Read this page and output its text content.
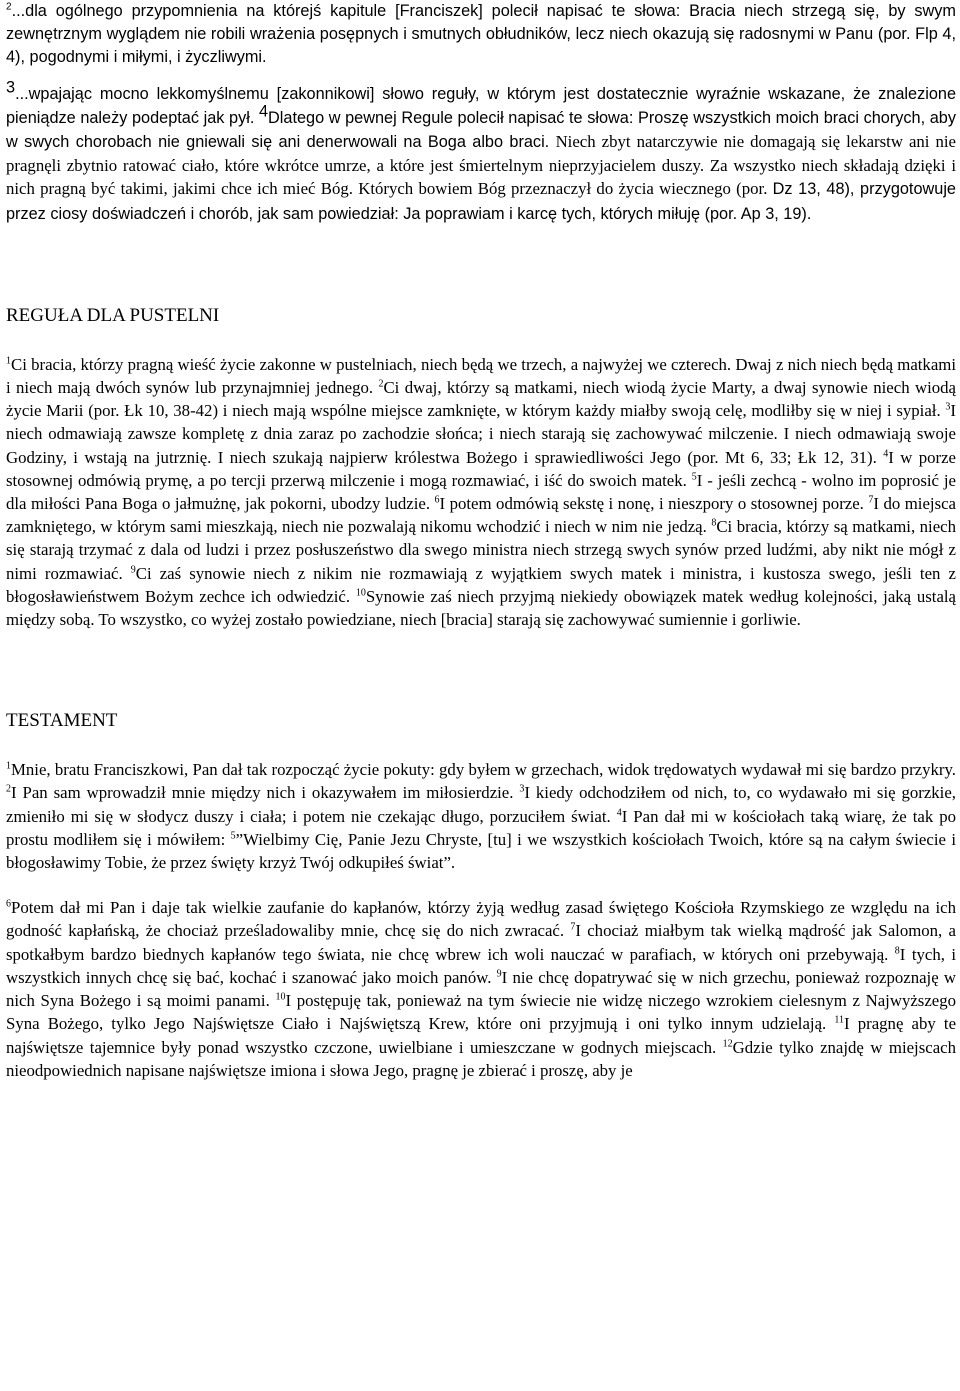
$^2$...dla ogólnego przypomnienia na którejś kapitule [Franciszek] polecił napisać te słowa: Bracia niech strzegą się, by swym zewnętrznym wyglądem nie robili wrażenia posępnych i smutnych obłudników, lecz niech okazują się radosnymi w Panu (por. Flp 4, 4), pogodnymi i miłymi, i życzliwymi.

$^3$...wpajając mocno lekkomyślnemu [zakonnikowi] słowo reguły, w którym jest dostatecznie wyraźnie wskazane, że znalezione pieniądze należy podeptać jak pył. $^4$Dlatego w pewnej Regule polecił napisać te słowa: Proszę wszystkich moich braci chorych, aby w swych chorobach nie gniewali się ani denerwowali na Boga albo braci. Niech zbyt natarczywie nie domagają się lekarstw ani nie pragnęli zbytnio ratować ciało, które wkrótce umrze, a które jest śmiertelnym nieprzyjacielem duszy. Za wszystko niech składają dzięki i nich pragną być takimi, jakimi chce ich mieć Bóg. Których bowiem Bóg przeznaczył do życia wiecznego (por. Dz 13, 48), przygotowuje przez ciosy doświadczeń i chorób, jak sam powiedział: Ja poprawiam i karcę tych, których miłuję (por. Ap 3, 19).

REGUŁA DLA PUSTELNI

$^1$Ci bracia, którzy pragną wieść życie zakonne w pustelniach, niech będą we trzech, a najwyżej we czterech. Dwaj z nich niech będą matkami i niech mają dwóch synów lub przynajmniej jednego. $^2$Ci dwaj, którzy są matkami, niech wiodą życie Marty, a dwaj synowie niech wiodą życie Marii (por. Łk 10, 38-42) i niech mają wspólne miejsce zamknięte, w którym każdy miałby swoją celę, modliłby się w niej i sypiał. $^3$I niech odmawiają zawsze kompletę z dnia zaraz po zachodzie słońca; i niech starają się zachowywać milczenie. I niech odmawiają swoje Godziny, i wstają na jutrznię. I niech szukają najpierw królestwa Bożego i sprawiedliwości Jego (por. Mt 6, 33; Łk 12, 31). $^4$I w porze stosownej odmówią prymę, a po tercji przerwą milczenie i mogą rozmawiać, i iść do swoich matek. $^5$I - jeśli zechcą - wolno im poprosić je dla miłości Pana Boga o jałmużnę, jak pokorni, ubodzy ludzie. $^6$I potem odmówią sekstę i nonę, i nieszpory o stosownej porze. $^7$I do miejsca zamkniętego, w którym sami mieszkają, niech nie pozwalają nikomu wchodzić i niech w nim nie jedzą. $^8$Ci bracia, którzy są matkami, niech się starają trzymać z dala od ludzi i przez posłuszeństwo dla swego ministra niech strzegą swych synów przed ludźmi, aby nikt nie mógł z nimi rozmawiać. $^9$Ci zaś synowie niech z nikim nie rozmawiają z wyjątkiem swych matek i ministra, i kustosza swego, jeśli ten z błogosławieństwem Bożym zechce ich odwiedzić. $^{10}$Synowie zaś niech przyjmą niekiedy obowiązek matek według kolejności, jaką ustalą między sobą. To wszystko, co wyżej zostało powiedziane, niech [bracia] starają się zachowywać sumiennie i gorliwie.

TESTAMENT

$^1$Mnie, bratu Franciszkowi, Pan dał tak rozpocząć życie pokuty: gdy byłem w grzechach, widok trędowatych wydawał mi się bardzo przykry. $^2$I Pan sam wprowadził mnie między nich i okazywałem im miłosierdzie. $^3$I kiedy odchodziłem od nich, to, co wydawało mi się gorzkie, zmieniło mi się w słodycz duszy i ciała; i potem nie czekając długo, porzuciłem świat. $^4$I Pan dał mi w kościołach taką wiarę, że tak po prostu modliłem się i mówiłem: $^5$”Wielbimy Cię, Panie Jezu Chryste, [tu] i we wszystkich kościołach Twoich, które są na całym świecie i błogosławimy Tobie, że przez święty krzyż Twój odkupiłeś świat”.

$^6$Potem dał mi Pan i daje tak wielkie zaufanie do kapłanów, którzy żyją według zasad świętego Kościoła Rzymskiego ze względu na ich godność kapłańską, że chociaż prześladowaliby mnie, chcę się do nich zwracać. $^7$I chociaż miałbym tak wielką mądrość jak Salomon, a spotkałbym bardzo biednych kapłanów tego świata, nie chcę wbrew ich woli nauczać w parafiach, w których oni przebywają. $^8$I tych, i wszystkich innych chcę się bać, kochać i szanować jako moich panów. $^9$I nie chcę dopatrywać się w nich grzechu, ponieważ rozpoznaję w nich Syna Bożego i są moimi panami. $^{10}$I postępuję tak, ponieważ na tym świecie nie widzę niczego wzrokiem cielesnym z Najwyższego Syna Bożego, tylko Jego Najświętsze Ciało i Najświętszą Krew, które oni przyjmują i oni tylko innym udzielają. $^{11}$I pragnę aby te najświętsze tajemnice były ponad wszystko czczone, uwielbiane i umieszczane w godnych miejscach. $^{12}$Gdzie tylko znajdę w miejscach nieodpowiednich napisane najświętsze imiona i słowa Jego, pragnę je zbierać i proszę, aby je
